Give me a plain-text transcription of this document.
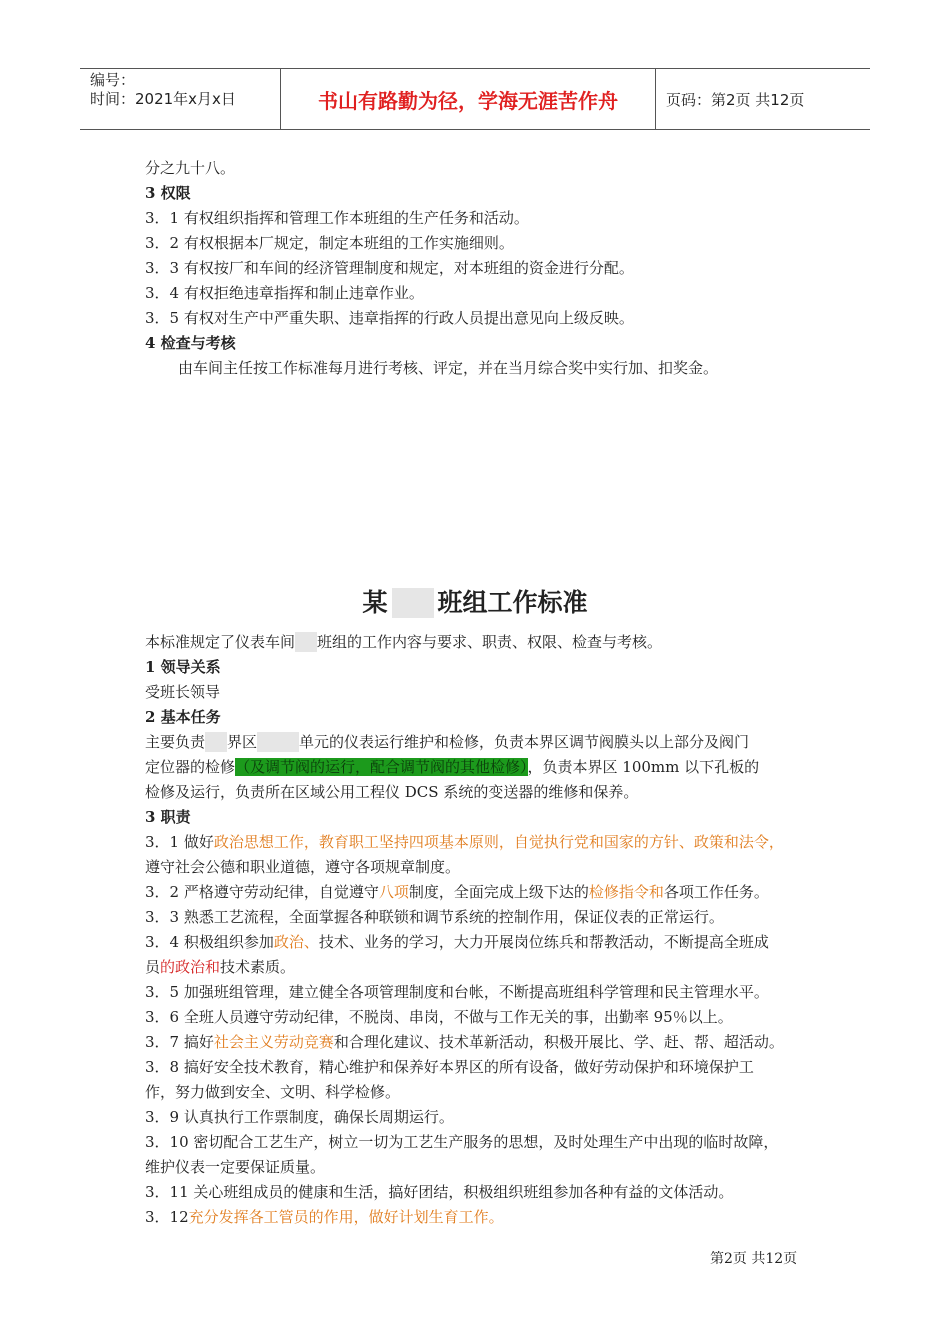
编号：
时间：2021年x月x日	书山有路勤为径，学海无涯苦作舟	页码：第2页 共12页
分之九十八。
3 权限
3．1 有权组织指挥和管理工作本班组的生产任务和活动。
3．2 有权根据本厂规定，制定本班组的工作实施细则。
3．3 有权按厂和车间的经济管理制度和规定，对本班组的资金进行分配。
3．4 有权拒绝违章指挥和制止违章作业。
3．5 有权对生产中严重失职、违章指挥的行政人员提出意见向上级反映。
4 检查与考核
由车间主任按工作标准每月进行考核、评定，并在当月综合奖中实行加、扣奖金。
某 班组工作标准
本标准规定了仪表车间 班组的工作内容与要求、职责、权限、检查与考核。
1 领导关系
受班长领导
2 基本任务
主要负责 界区	单元的仪表运行维护和检修，负责本界区调节阀膜头以上部分及阀门
定位器的检修（及调节阀的运行，配合调节阀的其他检修），负责本界区 100mm 以下孔板的
检修及运行，负责所在区域公用工程仪 DCS 系统的变送器的维修和保养。
3 职责
3．1 做好政治思想工作，教育职工坚持四项基本原则，自觉执行党和国家的方针、政策和法令，
遵守社会公德和职业道德，遵守各项规章制度。
3．2 严格遵守劳动纪律，自觉遵守八项制度，全面完成上级下达的检修指令和各项工作任务。
3．3 熟悉工艺流程，全面掌握各种联锁和调节系统的控制作用，保证仪表的正常运行。
3．4 积极组织参加政治、技术、业务的学习，大力开展岗位练兵和帮教活动，不断提高全班成
员的政治和技术素质。
3．5 加强班组管理，建立健全各项管理制度和台帐，不断提高班组科学管理和民主管理水平。
3．6 全班人员遵守劳动纪律，不脱岗、串岗，不做与工作无关的事，出勤率 95％以上。
3．7 搞好社会主义劳动竞赛和合理化建议、技术革新活动，积极开展比、学、赶、帮、超活动。
3．8 搞好安全技术教育，精心维护和保养好本界区的所有设备，做好劳动保护和环境保护工
作，努力做到安全、文明、科学检修。
3．9 认真执行工作票制度，确保长周期运行。
3．10 密切配合工艺生产，树立一切为工艺生产服务的思想，及时处理生产中出现的临时故障，
维护仪表一定要保证质量。
3．11 关心班组成员的健康和生活，搞好团结，积极组织班组参加各种有益的文体活动。
3．12充分发挥各工管员的作用，做好计划生育工作。
第2页 共12页
